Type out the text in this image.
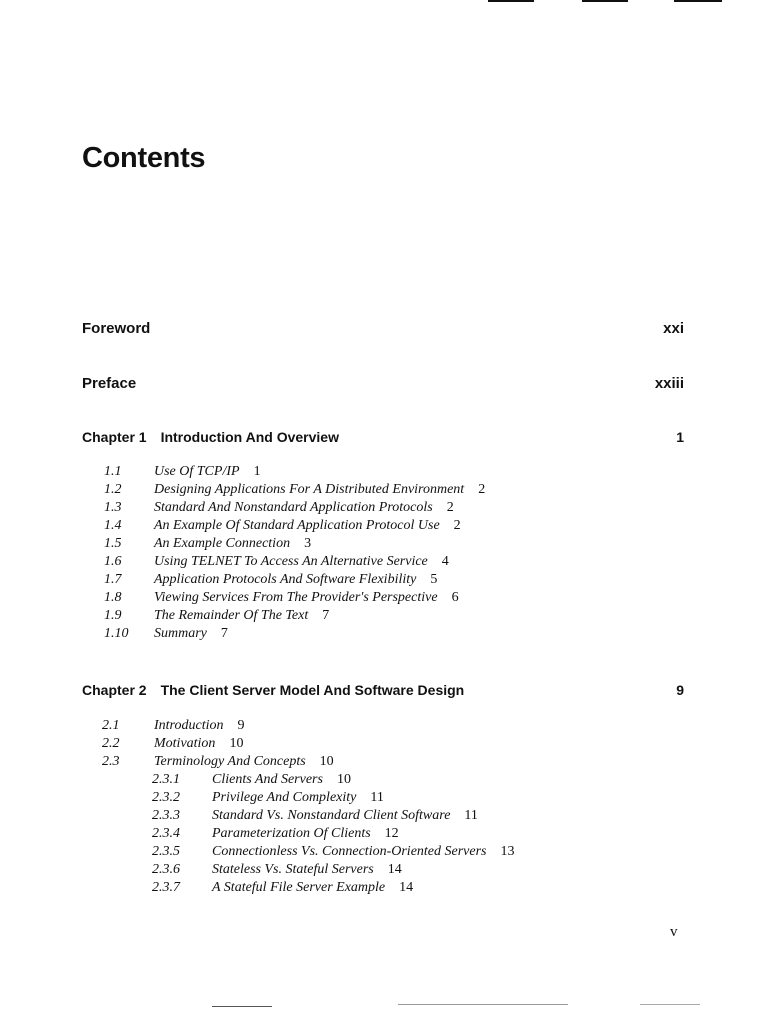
Contents
Foreword	xxi
Preface	xxiii
Chapter 1 Introduction And Overview	1
1.1 Use Of TCP/IP 1
1.2 Designing Applications For A Distributed Environment 2
1.3 Standard And Nonstandard Application Protocols 2
1.4 An Example Of Standard Application Protocol Use 2
1.5 An Example Connection 3
1.6 Using TELNET To Access An Alternative Service 4
1.7 Application Protocols And Software Flexibility 5
1.8 Viewing Services From The Provider's Perspective 6
1.9 The Remainder Of The Text 7
1.10 Summary 7
Chapter 2 The Client Server Model And Software Design	9
2.1 Introduction 9
2.2 Motivation 10
2.3 Terminology And Concepts 10
2.3.1 Clients And Servers 10
2.3.2 Privilege And Complexity 11
2.3.3 Standard Vs. Nonstandard Client Software 11
2.3.4 Parameterization Of Clients 12
2.3.5 Connectionless Vs. Connection-Oriented Servers 13
2.3.6 Stateless Vs. Stateful Servers 14
2.3.7 A Stateful File Server Example 14
v
